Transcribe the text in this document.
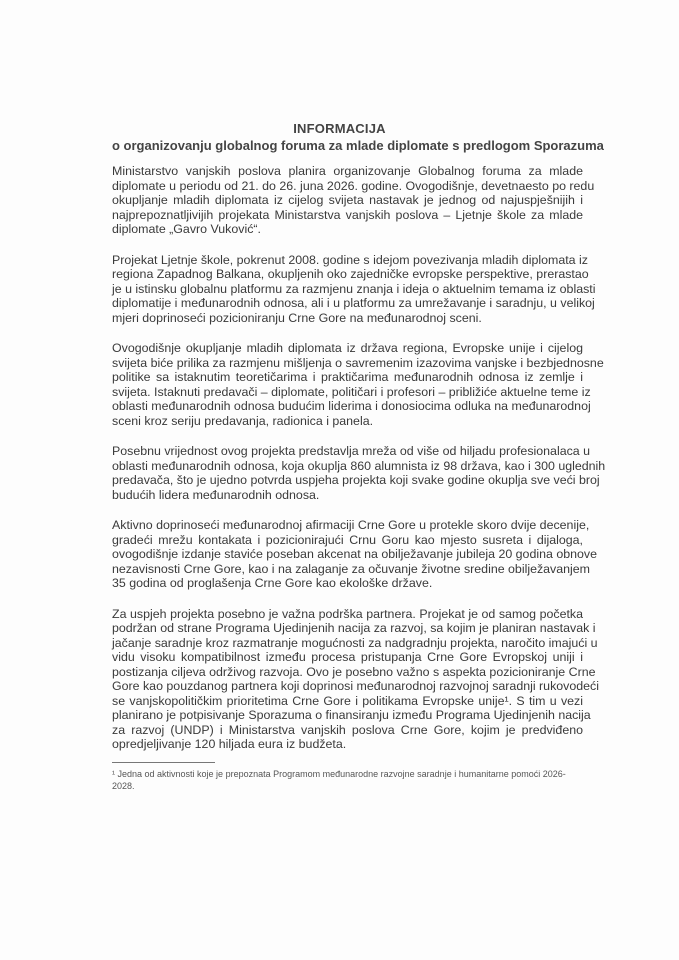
INFORMACIJA
o organizovanju globalnog foruma za mlade diplomate s predlogom Sporazuma
Ministarstvo vanjskih poslova planira organizovanje Globalnog foruma za mlade
diplomate u periodu od 21. do 26. juna 2026. godine. Ovogodišnje, devetnaesto po redu
okupljanje mladih diplomata iz cijelog svijeta nastavak je jednog od najuspješnijih i
najprepoznatljivijih projekata Ministarstva vanjskih poslova – Ljetnje škole za mlade
diplomate „Gavro Vuković“.
Projekat Ljetnje škole, pokrenut 2008. godine s idejom povezivanja mladih diplomata iz
regiona Zapadnog Balkana, okupljenih oko zajedničke evropske perspektive, prerastao
je u istinsku globalnu platformu za razmjenu znanja i ideja o aktuelnim temama iz oblasti
diplomatije i međunarodnih odnosa, ali i u platformu za umrežavanje i saradnju, u velikoj
mjeri doprinoseći pozicioniranju Crne Gore na međunarodnoj sceni.
Ovogodišnje okupljanje mladih diplomata iz država regiona, Evropske unije i cijelog
svijeta biće prilika za razmjenu mišljenja o savremenim izazovima vanjske i bezbjednosne
politike sa istaknutim teoretičarima i praktičarima međunarodnih odnosa iz zemlje i
svijeta. Istaknuti predavači – diplomate, političari i profesori – približiće aktuelne teme iz
oblasti međunarodnih odnosa budućim liderima i donosiocima odluka na međunarodnoj
sceni kroz seriju predavanja, radionica i panela.
Posebnu vrijednost ovog projekta predstavlja mreža od više od hiljadu profesionalaca u
oblasti međunarodnih odnosa, koja okuplja 860 alumnista iz 98 država, kao i 300 uglednih
predavača, što je ujedno potvrda uspjeha projekta koji svake godine okuplja sve veći broj
budućih lidera međunarodnih odnosa.
Aktivno doprinoseći međunarodnoj afirmaciji Crne Gore u protekle skoro dvije decenije,
gradeći mrežu kontakata i pozicionirajući Crnu Goru kao mjesto susreta i dijaloga,
ovogodišnje izdanje staviće poseban akcenat na obilježavanje jubileja 20 godina obnove
nezavisnosti Crne Gore, kao i na zalaganje za očuvanje životne sredine obilježavanjem
35 godina od proglašenja Crne Gore kao ekološke države.
Za uspjeh projekta posebno je važna podrška partnera. Projekat je od samog početka
podržan od strane Programa Ujedinjenih nacija za razvoj, sa kojim je planiran nastavak i
jačanje saradnje kroz razmatranje mogućnosti za nadgradnju projekta, naročito imajući u
vidu visoku kompatibilnost između procesa pristupanja Crne Gore Evropskoj uniji i
postizanja ciljeva održivog razvoja. Ovo je posebno važno s aspekta pozicioniranje Crne
Gore kao pouzdanog partnera koji doprinosi međunarodnoj razvojnoj saradnji rukovodeći
se vanjskopolitičkim prioritetima Crne Gore i politikama Evropske unije¹. S tim u vezi
planirano je potpisivanje Sporazuma o finansiranju između Programa Ujedinjenih nacija
za razvoj (UNDP) i Ministarstva vanjskih poslova Crne Gore, kojim je predviđeno
opredjeljivanje 120 hiljada eura iz budžeta.
¹ Jedna od aktivnosti koje je prepoznata Programom međunarodne razvojne saradnje i humanitarne pomoći 2026-
2028.
